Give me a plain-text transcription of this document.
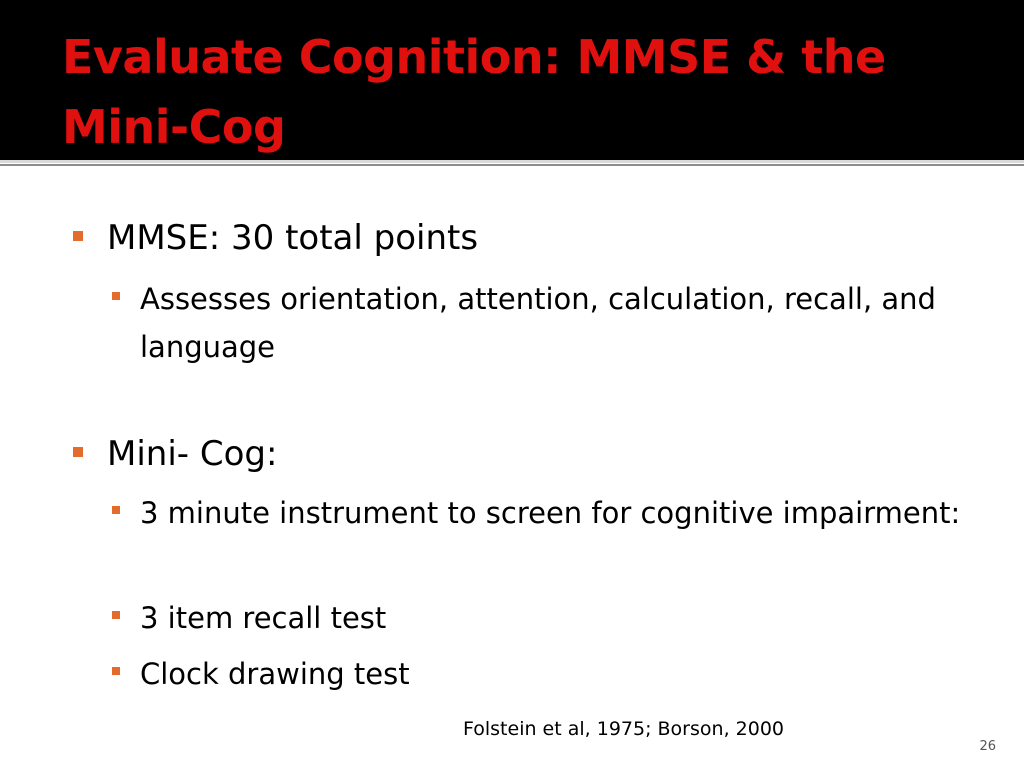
Evaluate Cognition: MMSE & the Mini-Cog
MMSE: 30 total points
Assesses orientation, attention, calculation, recall, and language
Mini- Cog:
3 minute instrument to screen for cognitive impairment:
3 item recall test
Clock drawing test
Folstein et al, 1975; Borson, 2000
26
